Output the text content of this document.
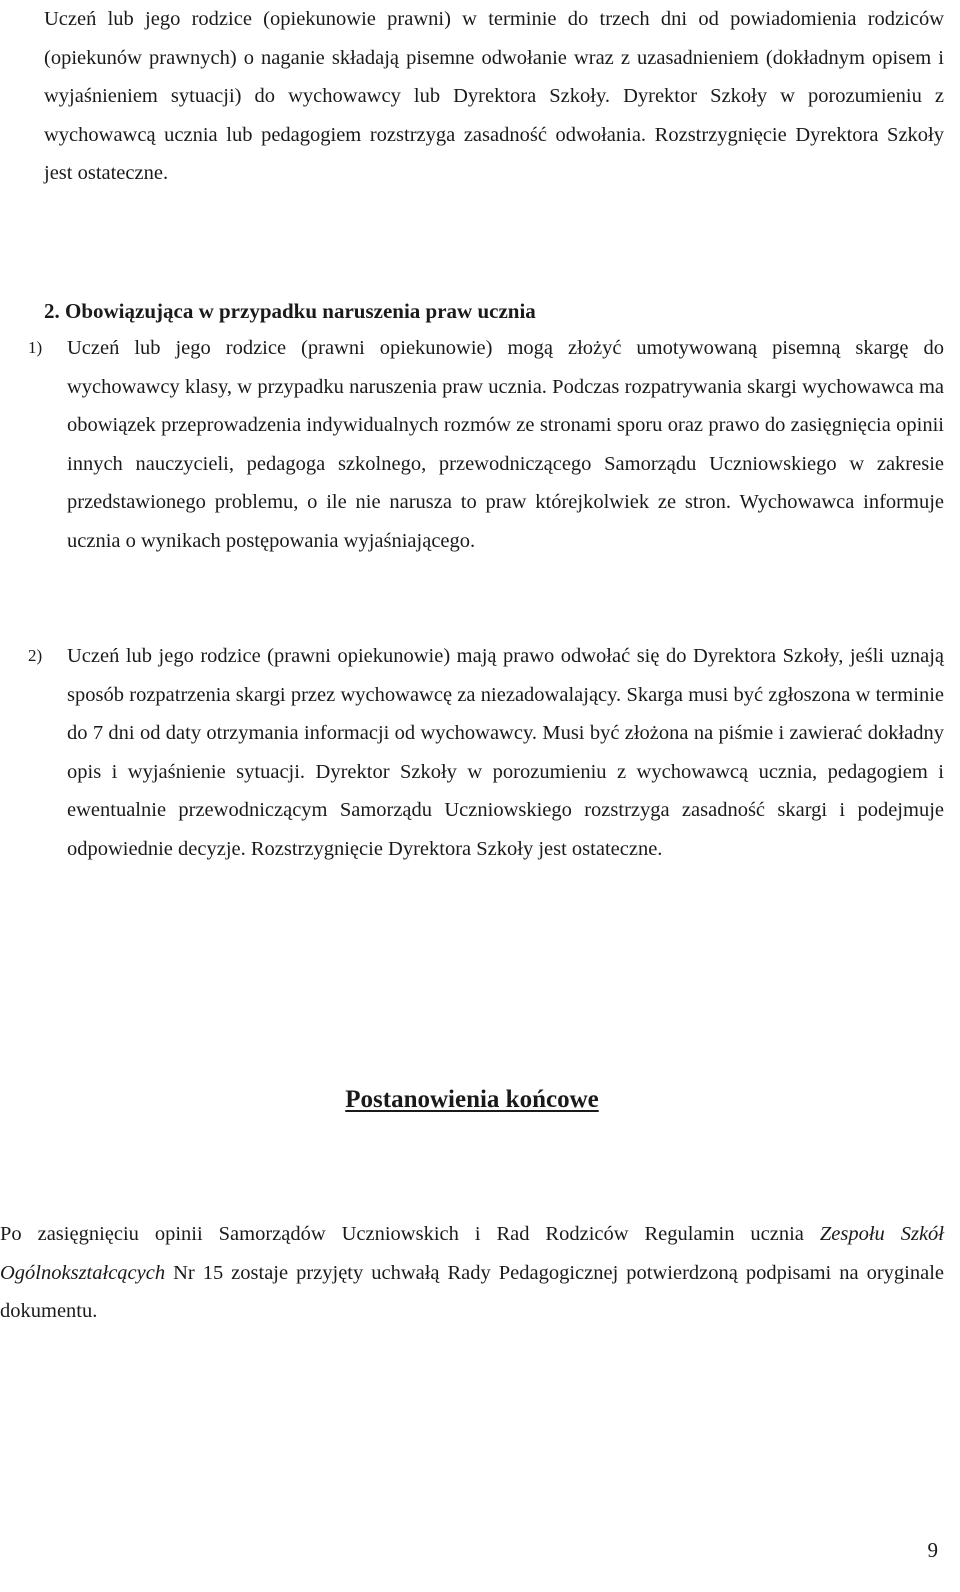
Uczeń lub jego rodzice (opiekunowie prawni) w terminie do trzech dni od powiadomienia rodziców (opiekunów prawnych) o naganie składają pisemne odwołanie wraz z uzasadnieniem (dokładnym opisem i wyjaśnieniem sytuacji) do wychowawcy lub Dyrektora Szkoły. Dyrektor Szkoły w porozumieniu z wychowawcą ucznia lub pedagogiem rozstrzyga zasadność odwołania. Rozstrzygnięcie Dyrektora Szkoły jest ostateczne.

2. Obowiązująca w przypadku naruszenia praw ucznia
1) Uczeń lub jego rodzice (prawni opiekunowie) mogą złożyć umotywowaną pisemną skargę do wychowawcy klasy, w przypadku naruszenia praw ucznia. Podczas rozpatrywania skargi wychowawca ma obowiązek przeprowadzenia indywidualnych rozmów ze stronami sporu oraz prawo do zasięgnięcia opinii innych nauczycieli, pedagoga szkolnego, przewodniczącego Samorządu Uczniowskiego w zakresie przedstawionego problemu, o ile nie narusza to praw którejkolwiek ze stron. Wychowawca informuje ucznia o wynikach postępowania wyjaśniającego.

2) Uczeń lub jego rodzice (prawni opiekunowie) mają prawo odwołać się do Dyrektora Szkoły, jeśli uznają sposób rozpatrzenia skargi przez wychowawcę za niezadowalający. Skarga musi być zgłoszona w terminie do 7 dni od daty otrzymania informacji od wychowawcy. Musi być złożona na piśmie i zawierać dokładny opis i wyjaśnienie sytuacji. Dyrektor Szkoły w porozumieniu z wychowawcą ucznia, pedagogiem i ewentualnie przewodniczącym Samorządu Uczniowskiego rozstrzyga zasadność skargi i podejmuje odpowiednie decyzje. Rozstrzygnięcie Dyrektora Szkoły jest ostateczne.

Postanowienia końcowe

Po zasięgnięciu opinii Samorządów Uczniowskich i Rad Rodziców Regulamin ucznia Zespołu Szkół Ogólnokształcących Nr 15 zostaje przyjęty uchwałą Rady Pedagogicznej potwierdzoną podpisami na oryginale dokumentu.

9
